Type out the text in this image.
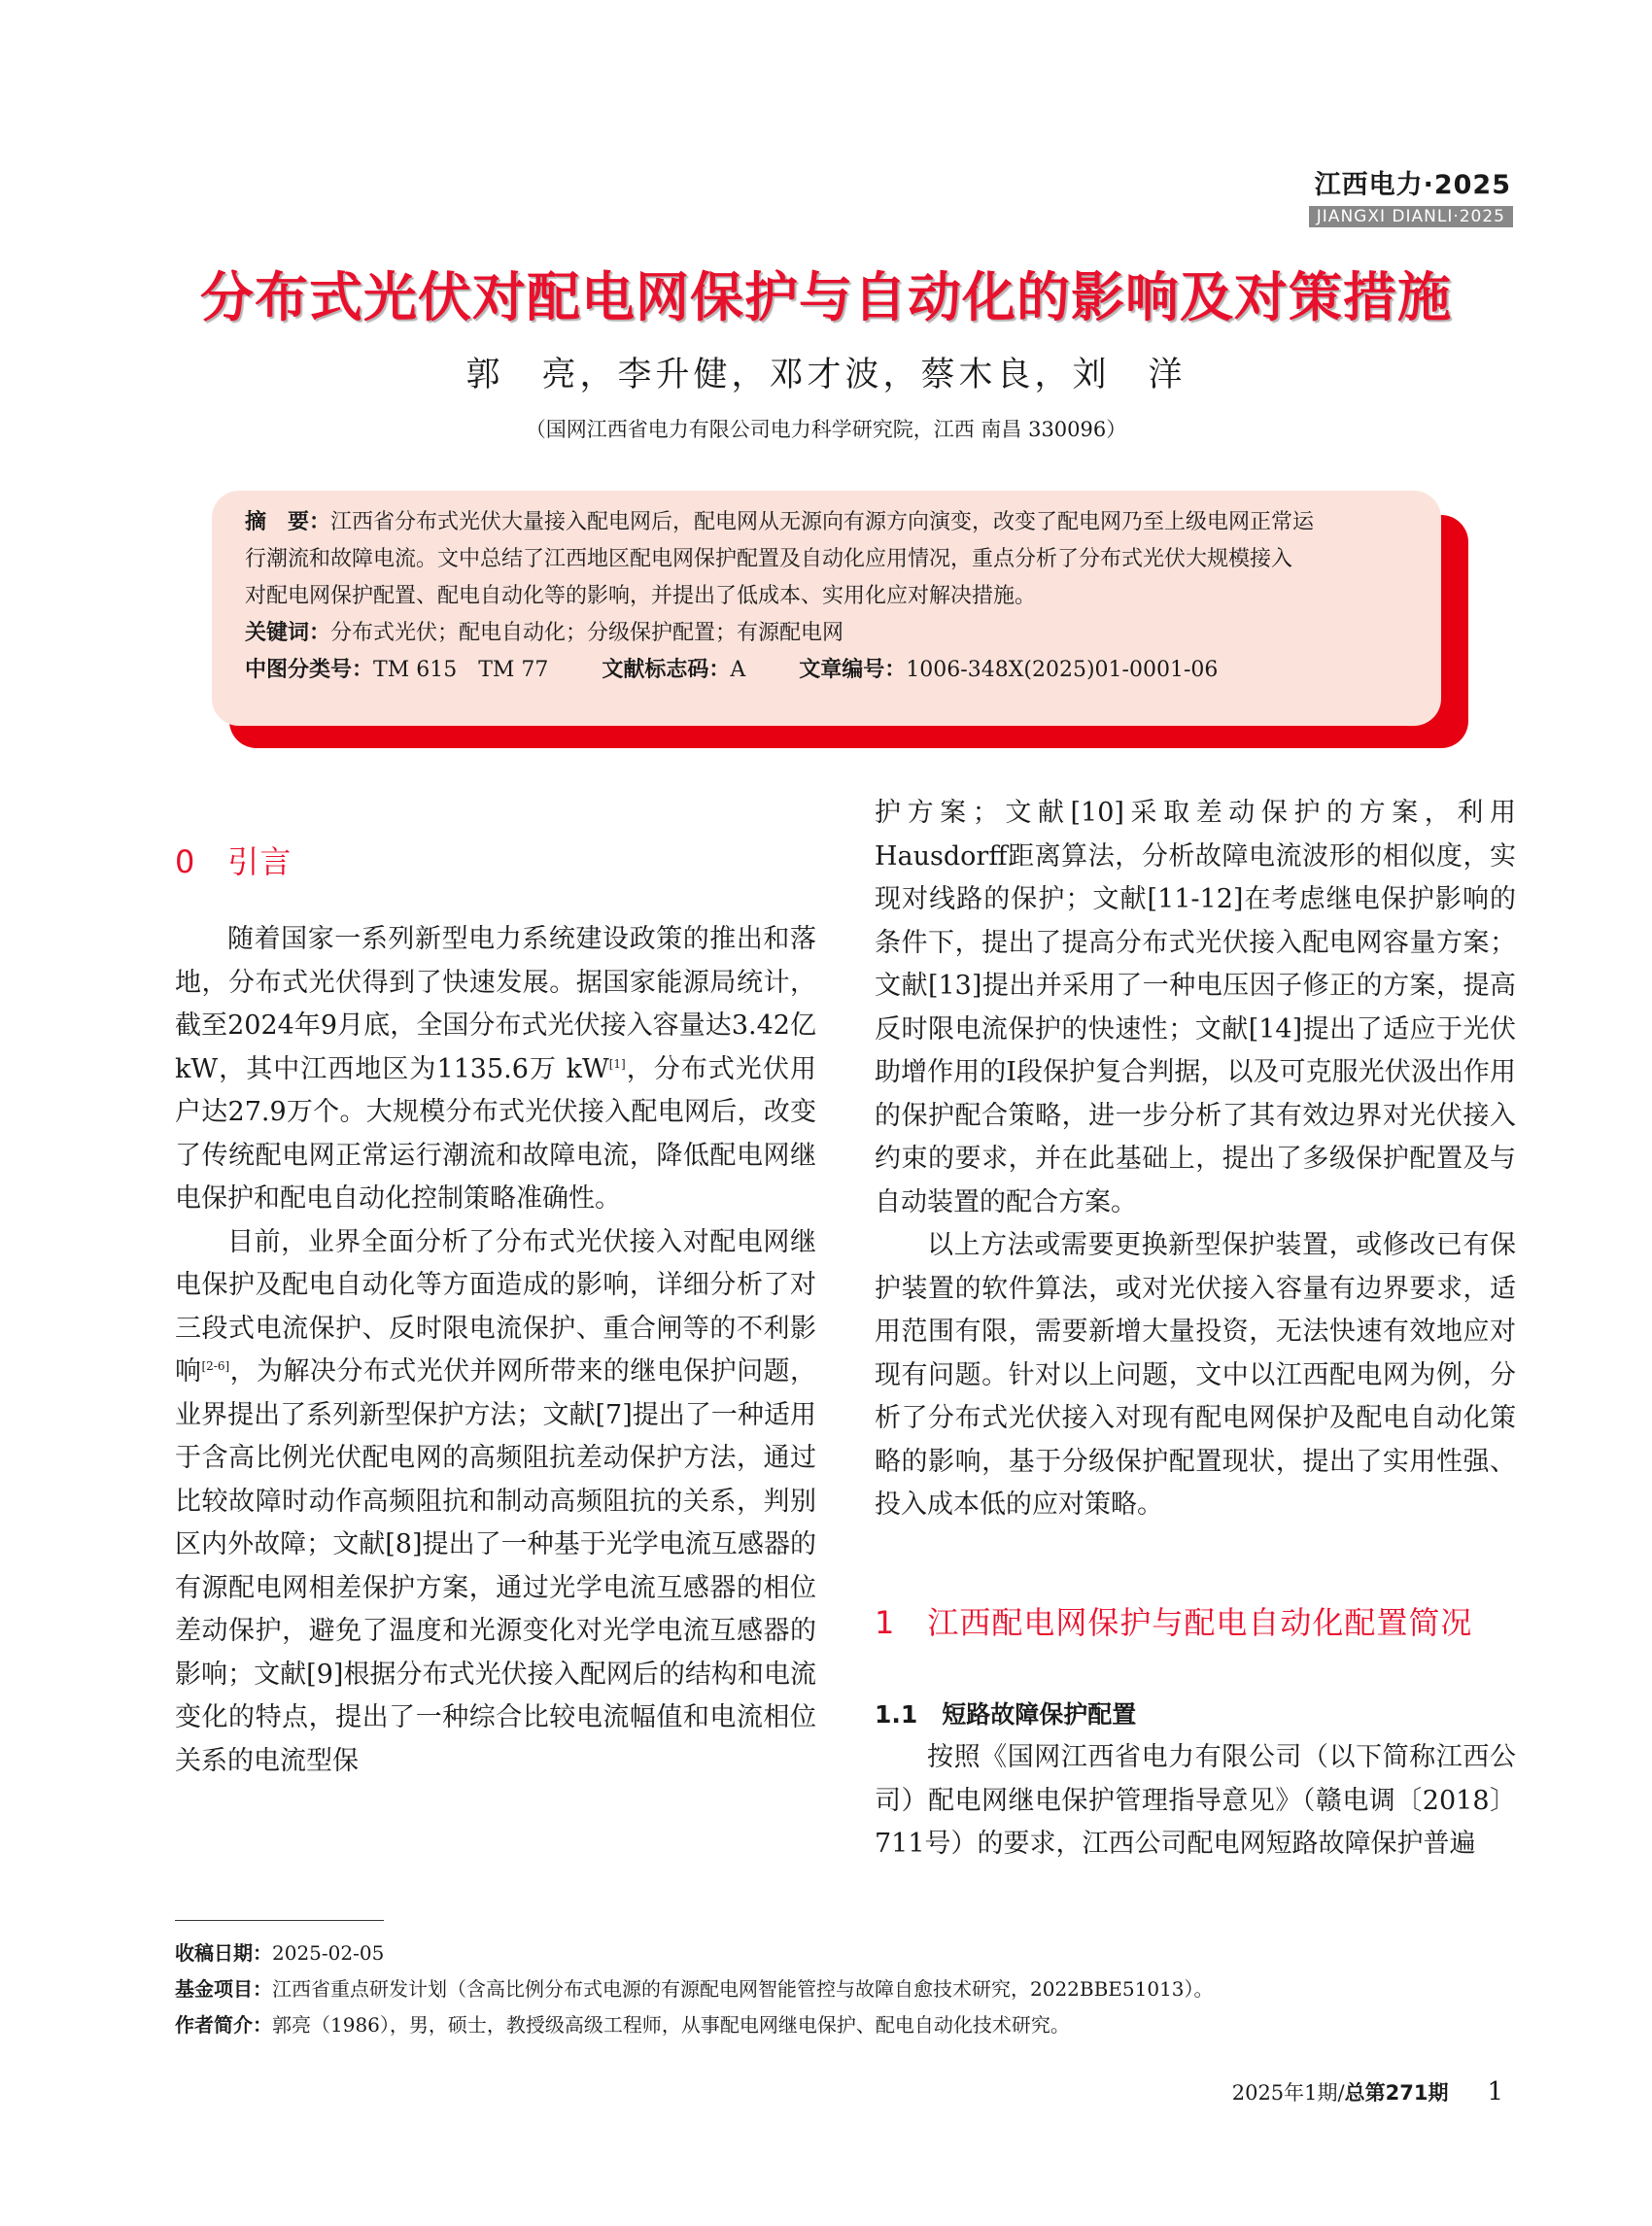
江西电力·2025
JIANGXI DIANLI·2025
分布式光伏对配电网保护与自动化的影响及对策措施
郭　亮，李升健，邓才波，蔡木良，刘　洋
（国网江西省电力有限公司电力科学研究院，江西 南昌 330096）
摘　要：江西省分布式光伏大量接入配电网后，配电网从无源向有源方向演变，改变了配电网乃至上级电网正常运
行潮流和故障电流。文中总结了江西地区配电网保护配置及自动化应用情况，重点分析了分布式光伏大规模接入
对配电网保护配置、配电自动化等的影响，并提出了低成本、实用化应对解决措施。
关键词：分布式光伏；配电自动化；分级保护配置；有源配电网
中图分类号：TM 615　TM 77	文献标志码：A	文章编号：1006-348X(2025)01-0001-06
0　引言

随着国家一系列新型电力系统建设政策的推出和落地，分布式光伏得到了快速发展。据国家能源局统计，截至2024年9月底，全国分布式光伏接入容量达3.42亿 kW，其中江西地区为1135.6万 kW[1]，分布式光伏用户达27.9万个。大规模分布式光伏接入配电网后，改变了传统配电网正常运行潮流和故障电流，降低配电网继电保护和配电自动化控制策略准确性。

目前，业界全面分析了分布式光伏接入对配电网继电保护及配电自动化等方面造成的影响，详细分析了对三段式电流保护、反时限电流保护、重合闸等的不利影响[2-6]，为解决分布式光伏并网所带来的继电保护问题，业界提出了系列新型保护方法；文献[7]提出了一种适用于含高比例光伏配电网的高频阻抗差动保护方法，通过比较故障时动作高频阻抗和制动高频阻抗的关系，判别区内外故障；文献[8]提出了一种基于光学电流互感器的有源配电网相差保护方案，通过光学电流互感器的相位差动保护，避免了温度和光源变化对光学电流互感器的影响；文献[9]根据分布式光伏接入配网后的结构和电流变化的特点，提出了一种综合比较电流幅值和电流相位关系的电流型保

护方案；文献[10]采取差动保护的方案，利用Hausdorff距离算法，分析故障电流波形的相似度，实现对线路的保护；文献[11-12]在考虑继电保护影响的条件下，提出了提高分布式光伏接入配电网容量方案；文献[13]提出并采用了一种电压因子修正的方案，提高反时限电流保护的快速性；文献[14]提出了适应于光伏助增作用的I段保护复合判据，以及可克服光伏汲出作用的保护配合策略，进一步分析了其有效边界对光伏接入约束的要求，并在此基础上，提出了多级保护配置及与自动装置的配合方案。

以上方法或需要更换新型保护装置，或修改已有保护装置的软件算法，或对光伏接入容量有边界要求，适用范围有限，需要新增大量投资，无法快速有效地应对现有问题。针对以上问题，文中以江西配电网为例，分析了分布式光伏接入对现有配电网保护及配电自动化策略的影响，基于分级保护配置现状，提出了实用性强、投入成本低的应对策略。

1　江西配电网保护与配电自动化配置简况
1.1　短路故障保护配置

按照《国网江西省电力有限公司（以下简称江西公司）配电网继电保护管理指导意见》（赣电调〔2018〕711号）的要求，江西公司配电网短路故障保护普遍

收稿日期：2025-02-05
基金项目：江西省重点研发计划（含高比例分布式电源的有源配电网智能管控与故障自愈技术研究，2022BBE51013）。
作者简介：郭亮（1986），男，硕士，教授级高级工程师，从事配电网继电保护、配电自动化技术研究。
2025年1期/总第271期 1
